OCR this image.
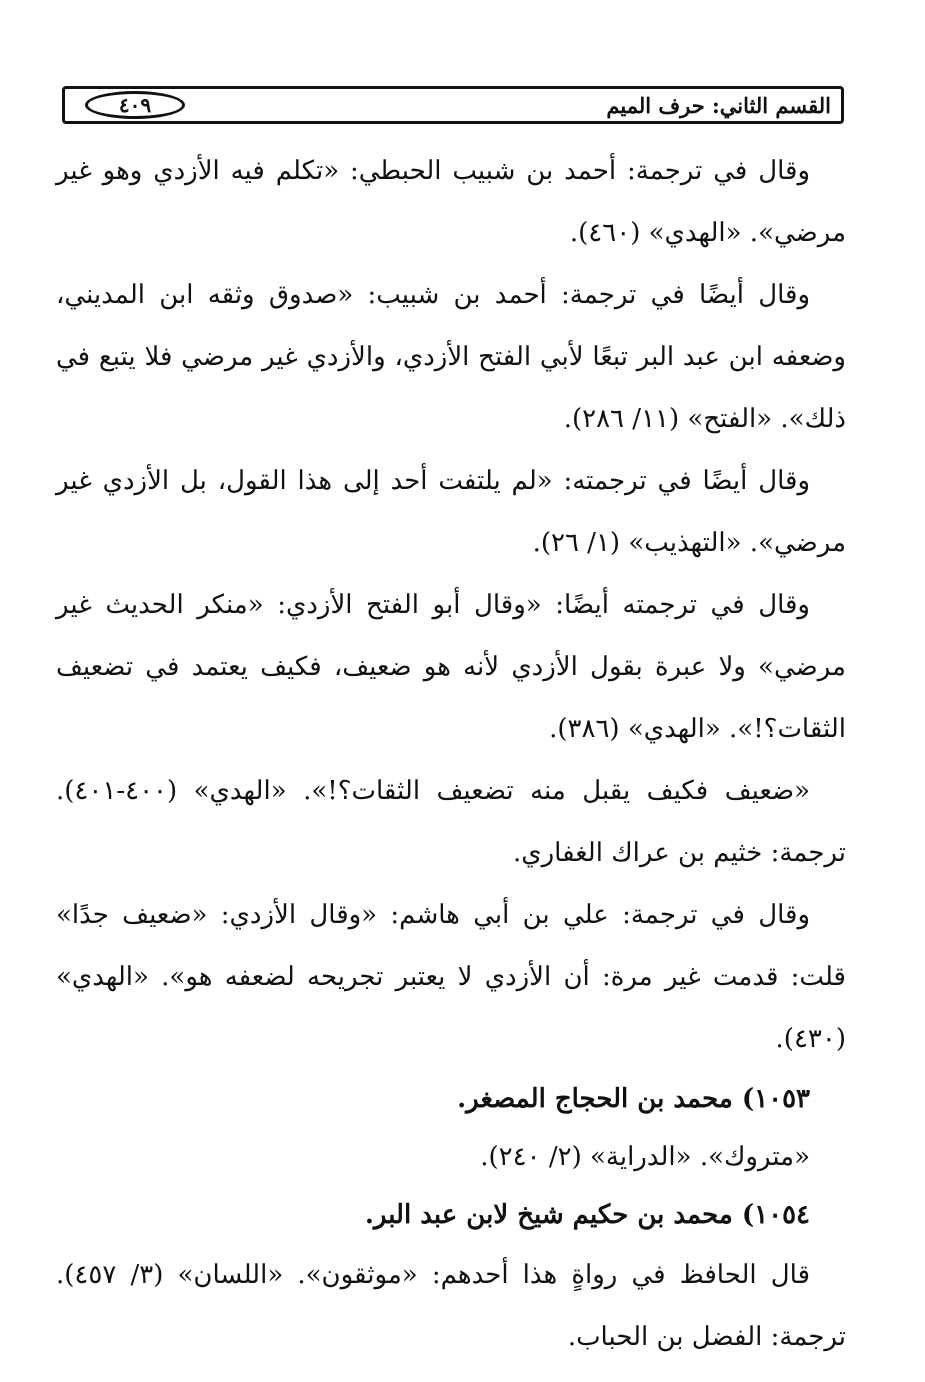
القسم الثاني: حرف الميم
٤٠٩

وقال في ترجمة: أحمد بن شبيب الحبطي: «تكلم فيه الأزدي وهو غير مرضي». «الهدي» (٤٦٠).

وقال أيضًا في ترجمة: أحمد بن شبيب: «صدوق وثقه ابن المديني، وضعفه ابن عبد البر تبعًا لأبي الفتح الأزدي، والأزدي غير مرضي فلا يتبع في ذلك». «الفتح» (١١/ ٢٨٦).

وقال أيضًا في ترجمته: «لم يلتفت أحد إلى هذا القول، بل الأزدي غير مرضي». «التهذيب» (١/ ٢٦).

وقال في ترجمته أيضًا: «وقال أبو الفتح الأزدي: «منكر الحديث غير مرضي» ولا عبرة بقول الأزدي لأنه هو ضعيف، فكيف يعتمد في تضعيف الثقات؟!». «الهدي» (٣٨٦).

«ضعيف فكيف يقبل منه تضعيف الثقات؟!». «الهدي» (٤٠٠-٤٠١). ترجمة: خثيم بن عراك الغفاري.

وقال في ترجمة: علي بن أبي هاشم: «وقال الأزدي: «ضعيف جدًا» قلت: قدمت غير مرة: أن الأزدي لا يعتبر تجريحه لضعفه هو». «الهدي» (٤٣٠).

١٠٥٣) محمد بن الحجاج المصغر.

«متروك». «الدراية» (٢/ ٢٤٠).

١٠٥٤) محمد بن حكيم شيخ لابن عبد البر.

قال الحافظ في رواةٍ هذا أحدهم: «موثقون». «اللسان» (٣/ ٤٥٧). ترجمة: الفضل بن الحباب.
